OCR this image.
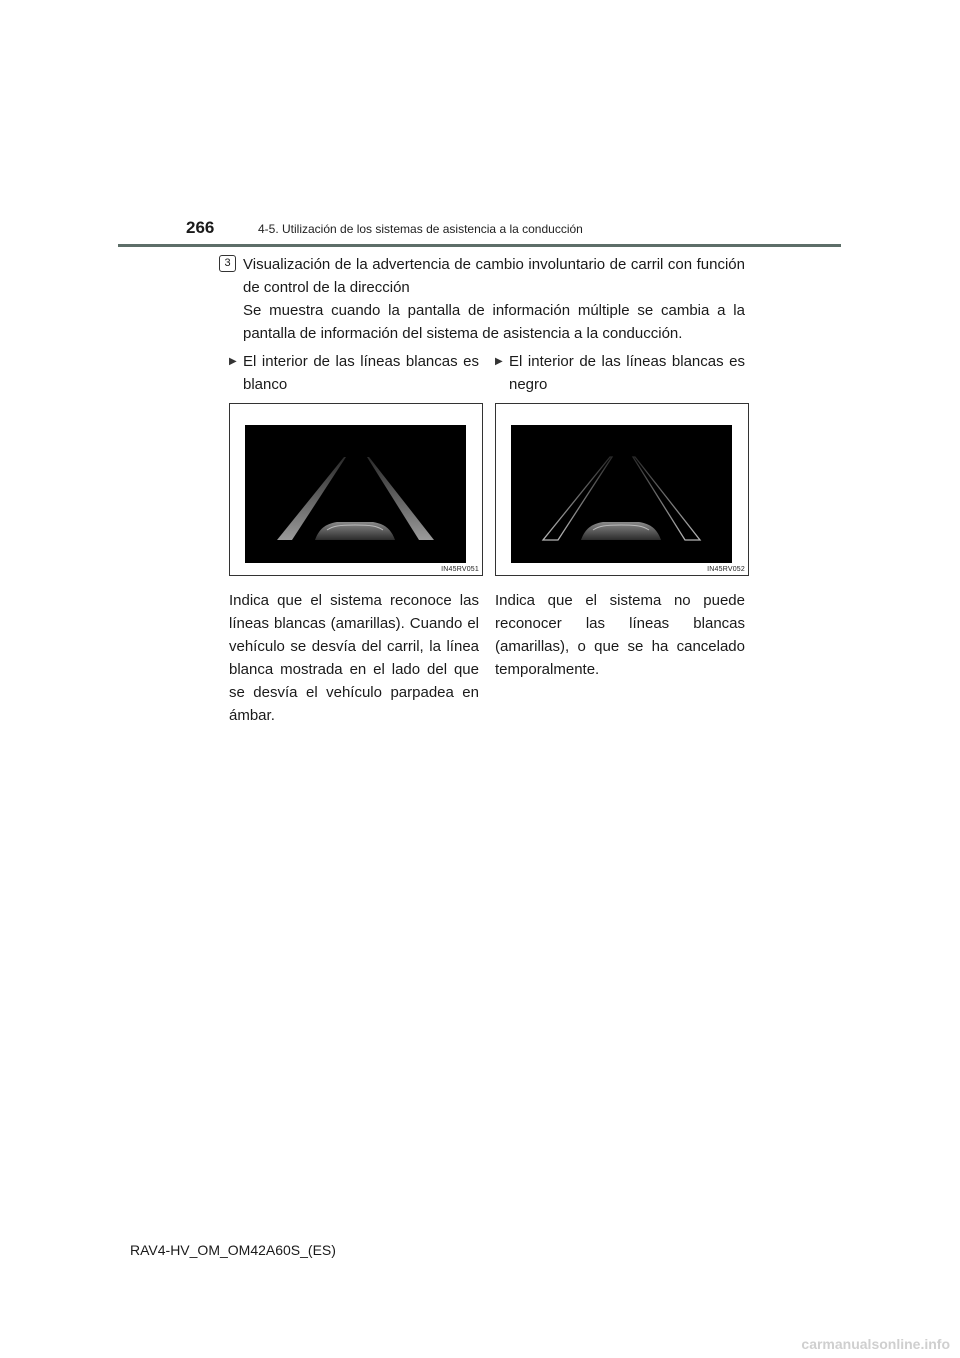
266	4-5. Utilización de los sistemas de asistencia a la conducción
3 Visualización de la advertencia de cambio involuntario de carril con función de control de la dirección
Se muestra cuando la pantalla de información múltiple se cambia a la pantalla de información del sistema de asistencia a la conducción.
▶ El interior de las líneas blancas es blanco
▶ El interior de las líneas blancas es negro
IN45RV051	IN45RV052
Indica que el sistema reconoce las líneas blancas (amarillas). Cuando el vehículo se desvía del carril, la línea blanca mostrada en el lado del que se desvía el vehículo parpadea en ámbar.
Indica que el sistema no puede reconocer las líneas blancas (amarillas), o que se ha cancelado temporalmente.
RAV4-HV_OM_OM42A60S_(ES)
carmanualsonline.info
